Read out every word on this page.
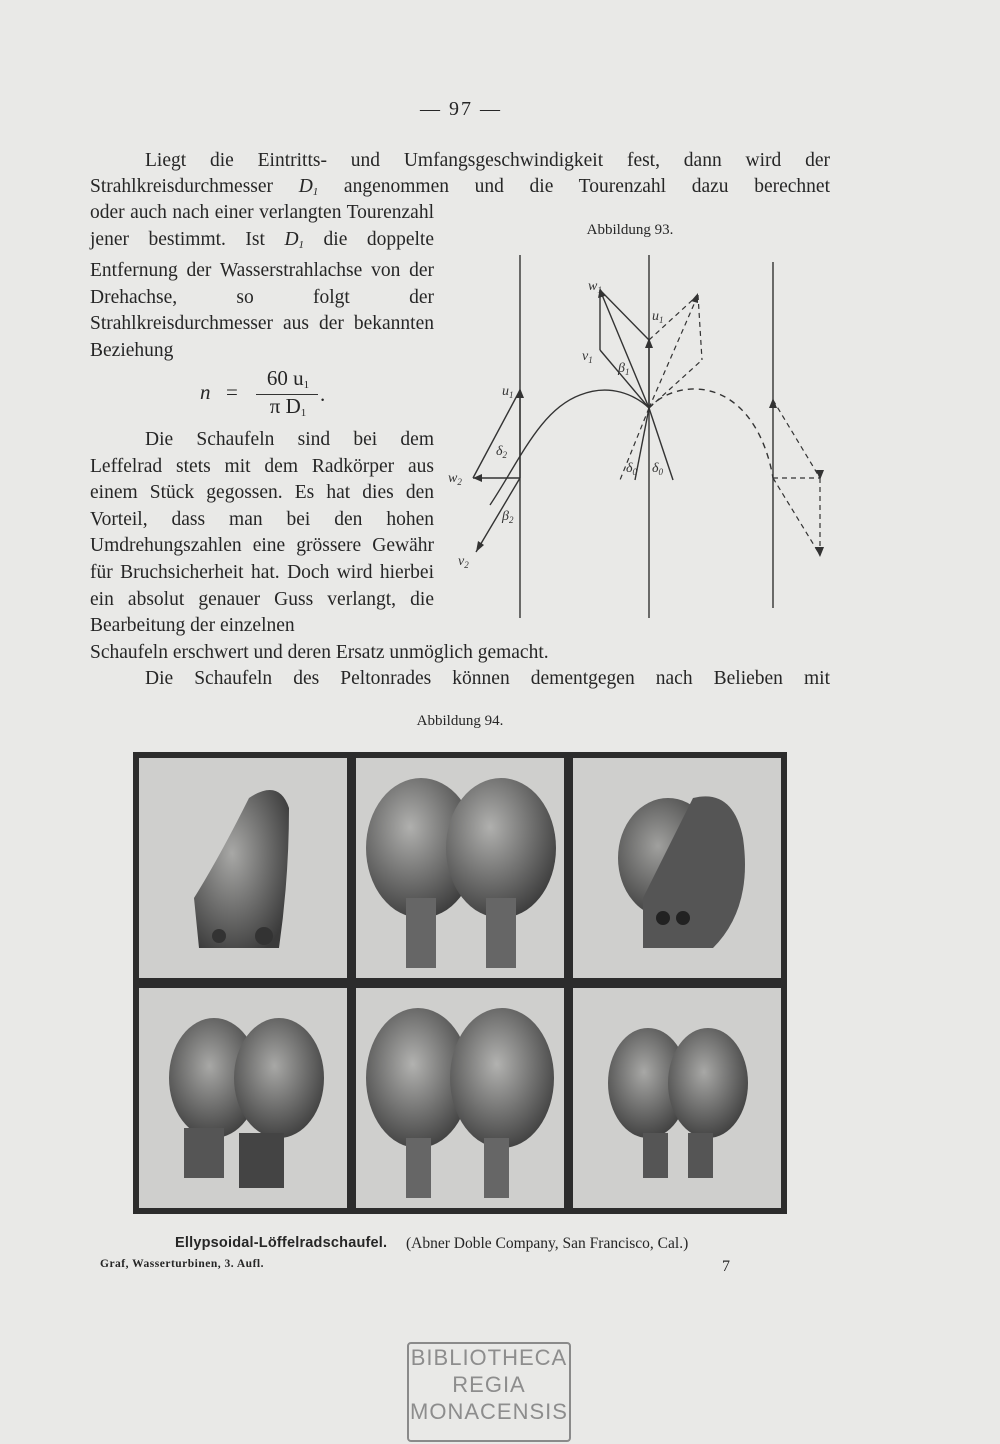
— 97 —

Liegt die Eintritts- und Umfangsgeschwindigkeit fest, dann wird der

Strahlkreisdurchmesser $D_1$ angenommen und die Tourenzahl dazu berechnet

oder auch nach einer verlangten Tourenzahl jener bestimmt. Ist $D_1$ die doppelte Entfernung der Wasserstrahlachse von der Drehachse, so folgt der Strahlkreisdurchmesser aus der bekannten Beziehung

n =
60 $u_1$
π $D_1$
.

Die Schaufeln sind bei dem Leffelrad stets mit dem Radkörper aus einem Stück gegossen. Es hat dies den Vorteil, dass man bei den hohen Umdrehungszahlen eine grössere Gewähr für Bruchsicherheit hat. Doch wird hierbei ein absolut genauer Guss verlangt, die Bearbeitung der einzelnen

Schaufeln erschwert und deren Ersatz unmöglich gemacht.

Die Schaufeln des Peltonrades können dementgegen nach Belieben mit

Abbildung 93.
$w_1$
$u_1$
$v_1$
$\beta_1$
$u_1$
$\delta_2$
$w_2$
$\beta_2$
$v_2$
$\delta_0$ $\delta_0$
Abbildung 94.
Ellypsoidal-Löffelradschaufel. (Abner Doble Company, San Francisco, Cal.)
Graf, Wasserturbinen, 3. Aufl.	7
BIBLIOTHECA
REGIA
MONACENSIS
